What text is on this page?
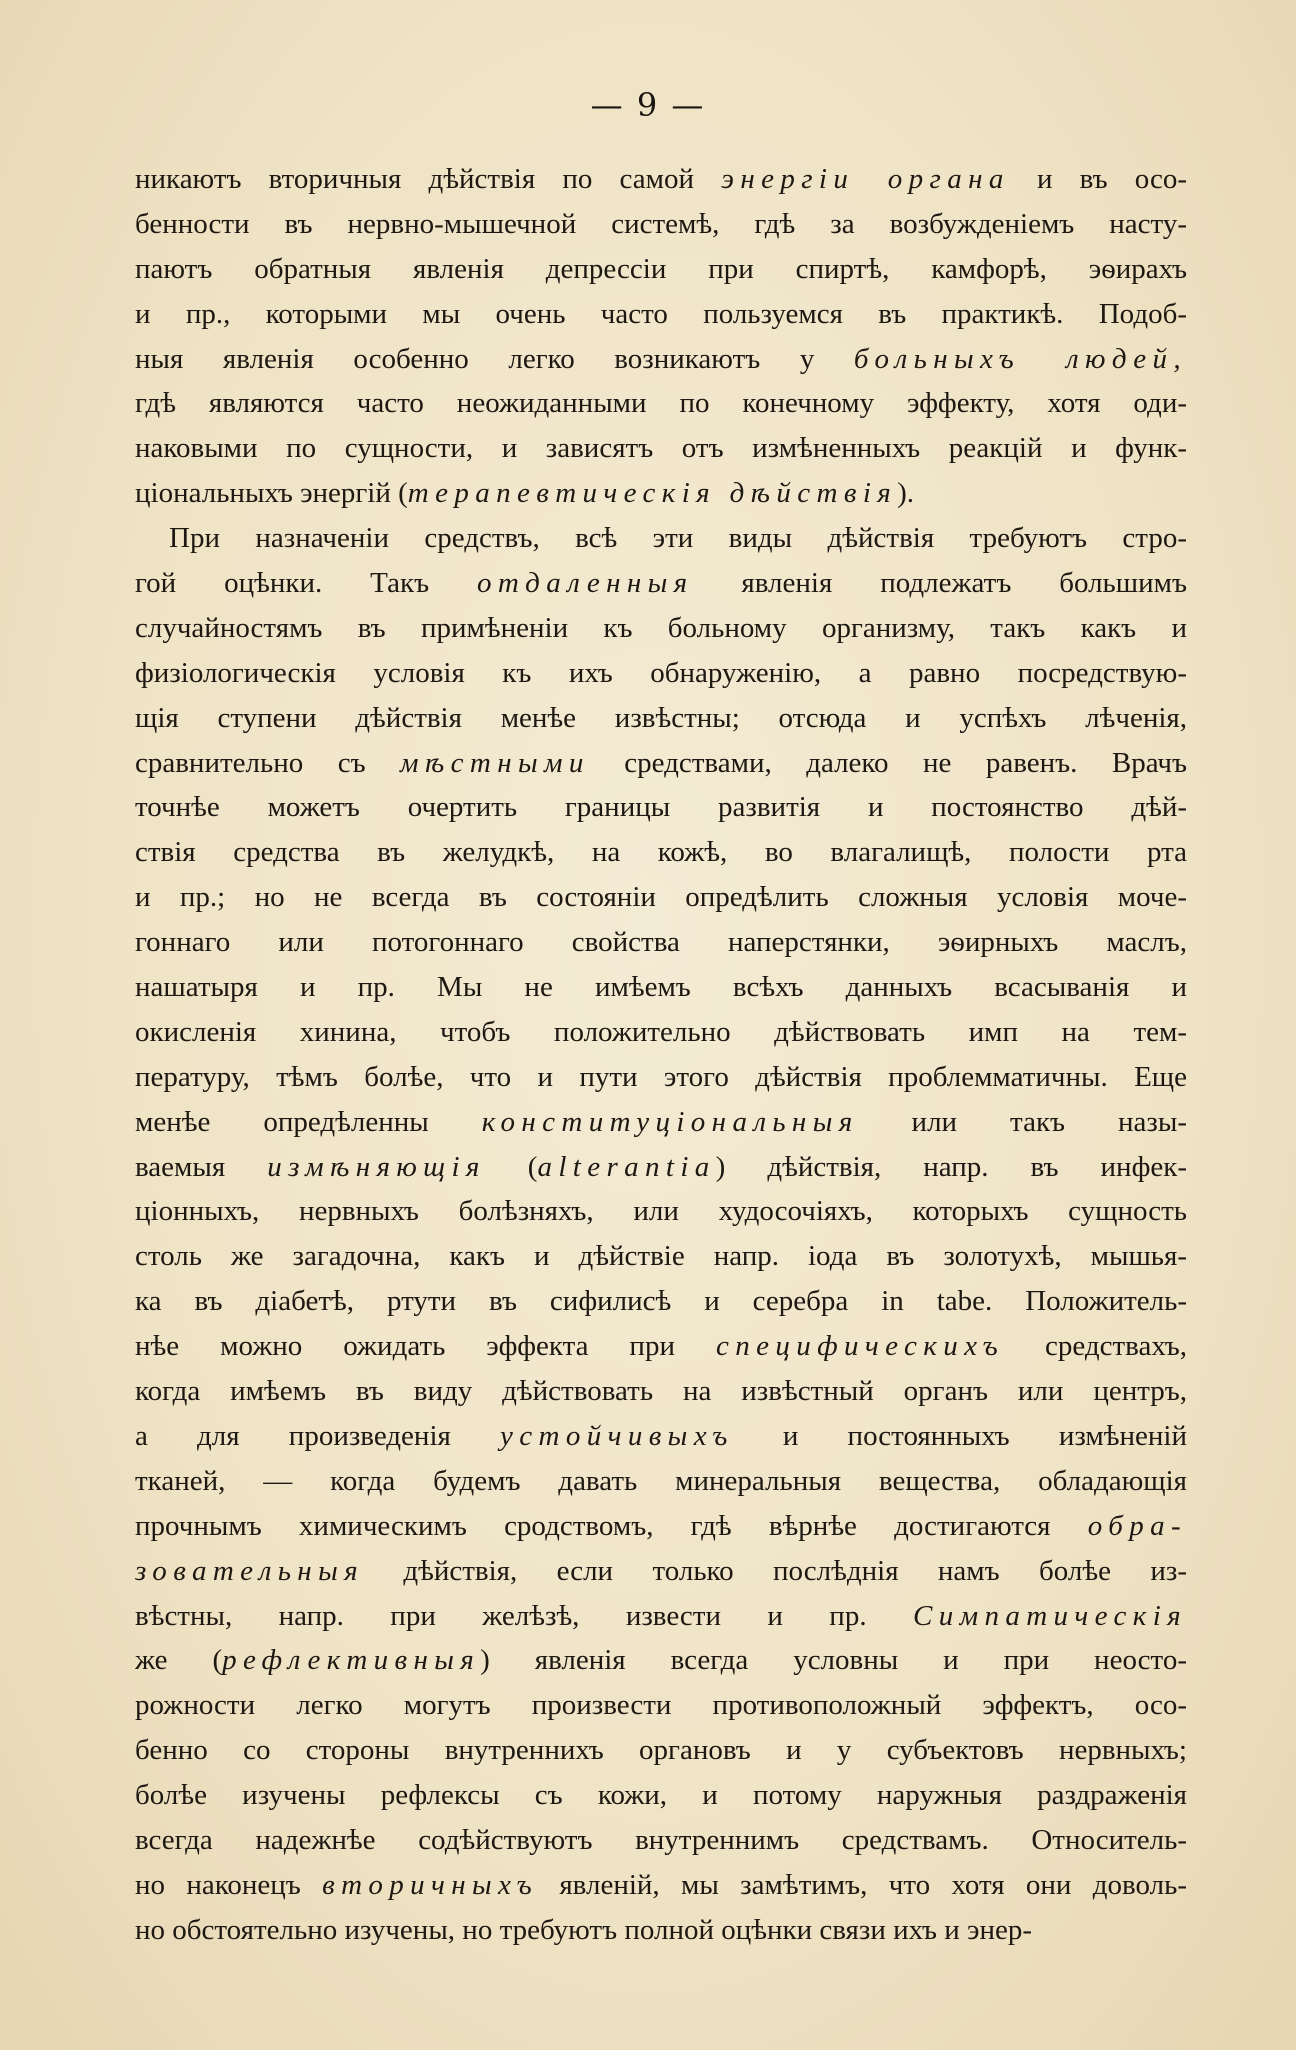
— 9 —
никаютъ вторичныя дѣйствія по самой энергіи органа и въ осо-
бенности въ нервно-мышечной системѣ, гдѣ за возбужденіемъ насту-
паютъ обратныя явленія депрессіи при спиртѣ, камфорѣ, эѳирахъ
и пр., которыми мы очень часто пользуемся въ практикѣ. Подоб-
ныя явленія особенно легко возникаютъ у больныхъ людей,
гдѣ являются часто неожиданными по конечному эффекту, хотя оди-
наковыми по сущности, и зависятъ отъ измѣненныхъ реакцій и функ-
ціональныхъ энергій (терапевтическія дѣйствія).
При назначеніи средствъ, всѣ эти виды дѣйствія требуютъ стро-
гой оцѣнки. Такъ отдаленныя явленія подлежатъ большимъ
случайностямъ въ примѣненіи къ больному организму, такъ какъ и
физіологическія условія къ ихъ обнаруженію, а равно посредствую-
щія ступени дѣйствія менѣе извѣстны; отсюда и успѣхъ лѣченія,
сравнительно съ мѣстными средствами, далеко не равенъ. Врачъ
точнѣе можетъ очертить границы развитія и постоянство дѣй-
ствія средства въ желудкѣ, на кожѣ, во влагалищѣ, полости рта
и пр.; но не всегда въ состояніи опредѣлить сложныя условія моче-
гоннаго или потогоннаго свойства наперстянки, эѳирныхъ маслъ,
нашатыря и пр. Мы не имѣемъ всѣхъ данныхъ всасыванія и
окисленія хинина, чтобъ положительно дѣйствовать имп на тем-
пературу, тѣмъ болѣе, что и пути этого дѣйствія проблемматичны. Еще
менѣе опредѣленны конституціональныя или такъ назы-
ваемыя измѣняющія (alterantia) дѣйствія, напр. въ инфек-
ціонныхъ, нервныхъ болѣзняхъ, или худосочіяхъ, которыхъ сущность
столь же загадочна, какъ и дѣйствіе напр. іода въ золотухѣ, мышья-
ка въ діабетѣ, ртути въ сифилисѣ и серебра in tabe. Положитель-
нѣе можно ожидать эффекта при специфическихъ средствахъ,
когда имѣемъ въ виду дѣйствовать на извѣстный органъ или центръ,
а для произведенія устойчивыхъ и постоянныхъ измѣненій
тканей, — когда будемъ давать минеральныя вещества, обладающія
прочнымъ химическимъ сродствомъ, гдѣ вѣрнѣе достигаются обра-
зовательныя дѣйствія, если только послѣднія намъ болѣе из-
вѣстны, напр. при желѣзѣ, извести и пр. Симпатическія
же (рефлективныя) явленія всегда условны и при неосто-
рожности легко могутъ произвести противоположный эффектъ, осо-
бенно со стороны внутреннихъ органовъ и у субъектовъ нервныхъ;
болѣе изучены рефлексы съ кожи, и потому наружныя раздраженія
всегда надежнѣе содѣйствуютъ внутреннимъ средствамъ. Относитель-
но наконецъ вторичныхъ явленій, мы замѣтимъ, что хотя они доволь-
но обстоятельно изучены, но требуютъ полной оцѣнки связи ихъ и энер-
